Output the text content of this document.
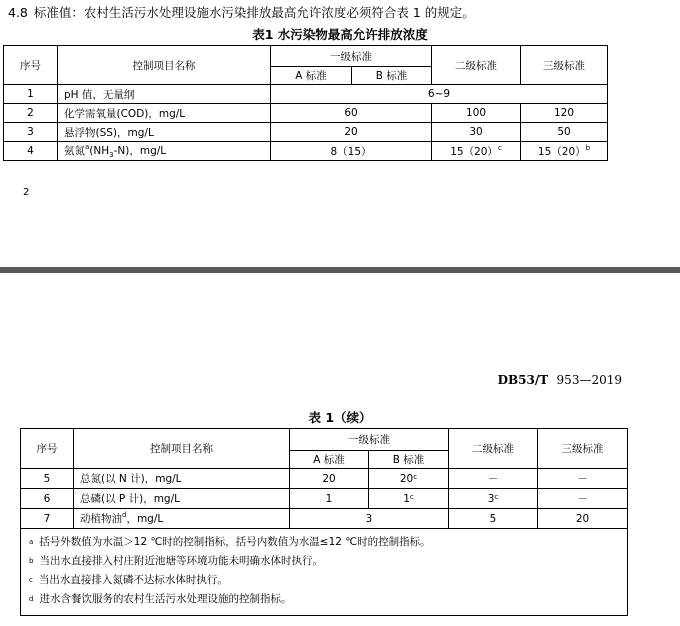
4.8 标准值：农村生活污水处理设施水污染排放最高允许浓度必须符合表 1 的规定。
表1 水污染物最高允许排放浓度
序号	控制项目名称	一级标准		二级标准	三级标准
		A 标准	B 标准		
1	pH 值，无量纲	6~9			
2	化学需氧量(COD)，mg/L	60		100	120
3	悬浮物(SS)，mg/L	20		30	50
4	氨氮$^a(NH_3-N)$，mg/L	8（15）		$15(20)^c$	$15(20)^b$
2
DB53/T 953—2019
表 1（续）
序号	控制项目名称	一级标准		二级标准	三级标准
		A 标准	B 标准		
5	总氮(以 N 计)，mg/L	20	$20^c$	－	－
6	总磷(以 P 计)，mg/L	1	1$^c$	$3^c$	－
7	动植物油$^d$，mg/L	3		5	20

$^a$ 括号外数值为水温＞12 ℃时的控制指标，括号内数值为水温≤12 ℃时的控制指标。
$^b$ 当出水直接排入村庄附近池塘等环境功能未明确水体时执行。
$^c$ 当出水直接排入氮磷不达标水体时执行。
$^d$ 进水含餐饮服务的农村生活污水处理设施的控制指标。					
